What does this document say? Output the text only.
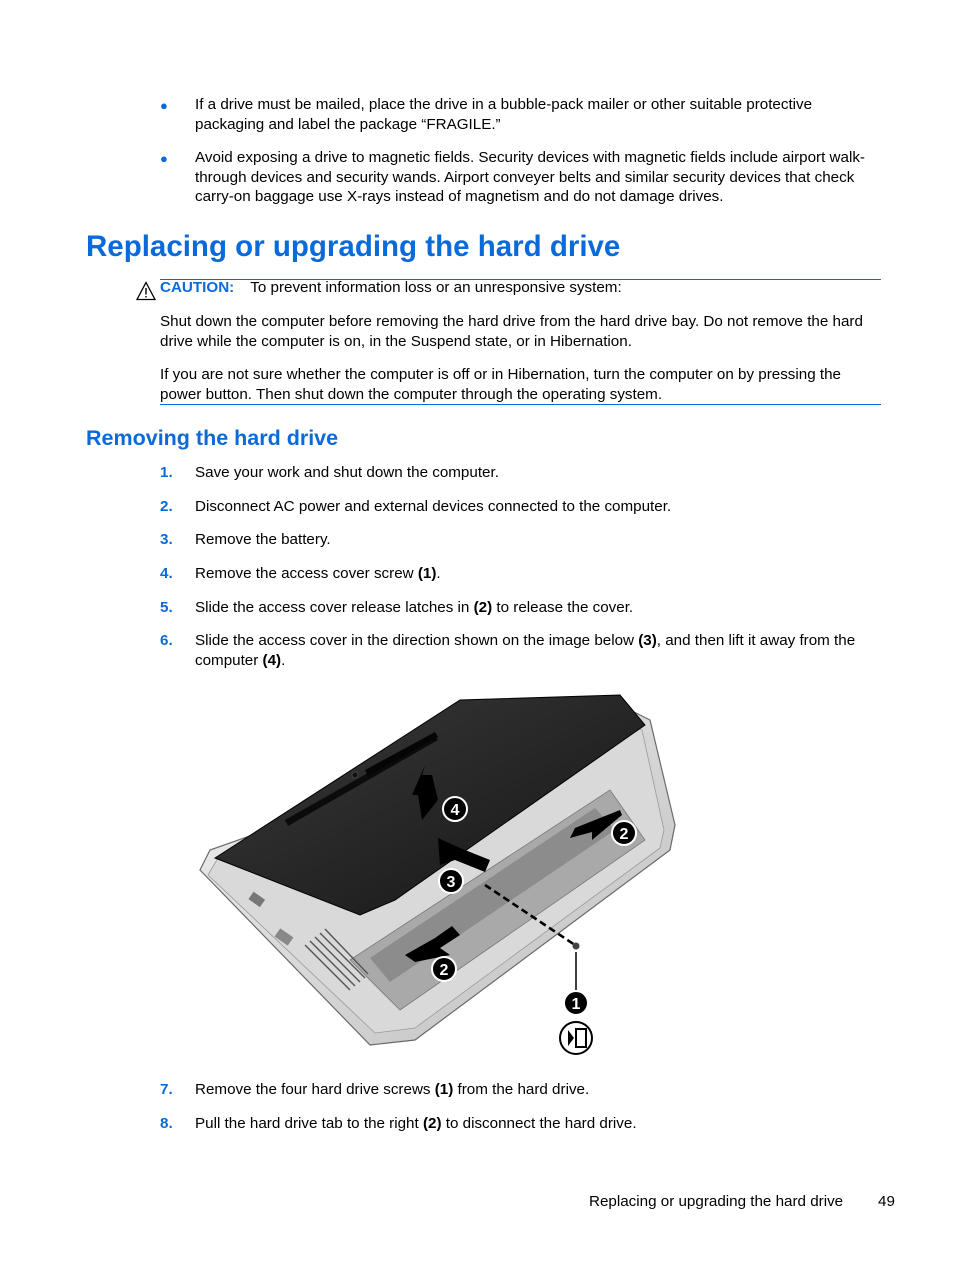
● If a drive must be mailed, place the drive in a bubble-pack mailer or other suitable protective packaging and label the package “FRAGILE.”
● Avoid exposing a drive to magnetic fields. Security devices with magnetic fields include airport walk-through devices and security wands. Airport conveyer belts and similar security devices that check carry-on baggage use X-rays instead of magnetism and do not damage drives.
Replacing or upgrading the hard drive
CAUTION: To prevent information loss or an unresponsive system:
Shut down the computer before removing the hard drive from the hard drive bay. Do not remove the hard drive while the computer is on, in the Suspend state, or in Hibernation.
If you are not sure whether the computer is off or in Hibernation, turn the computer on by pressing the power button. Then shut down the computer through the operating system.
Removing the hard drive
1. Save your work and shut down the computer.
2. Disconnect AC power and external devices connected to the computer.
3. Remove the battery.
4. Remove the access cover screw (1).
5. Slide the access cover release latches in (2) to release the cover.
6. Slide the access cover in the direction shown on the image below (3), and then lift it away from the computer (4).
1
2
2
3
4
7. Remove the four hard drive screws (1) from the hard drive.
8. Pull the hard drive tab to the right (2) to disconnect the hard drive.
Replacing or upgrading the hard drive 49
